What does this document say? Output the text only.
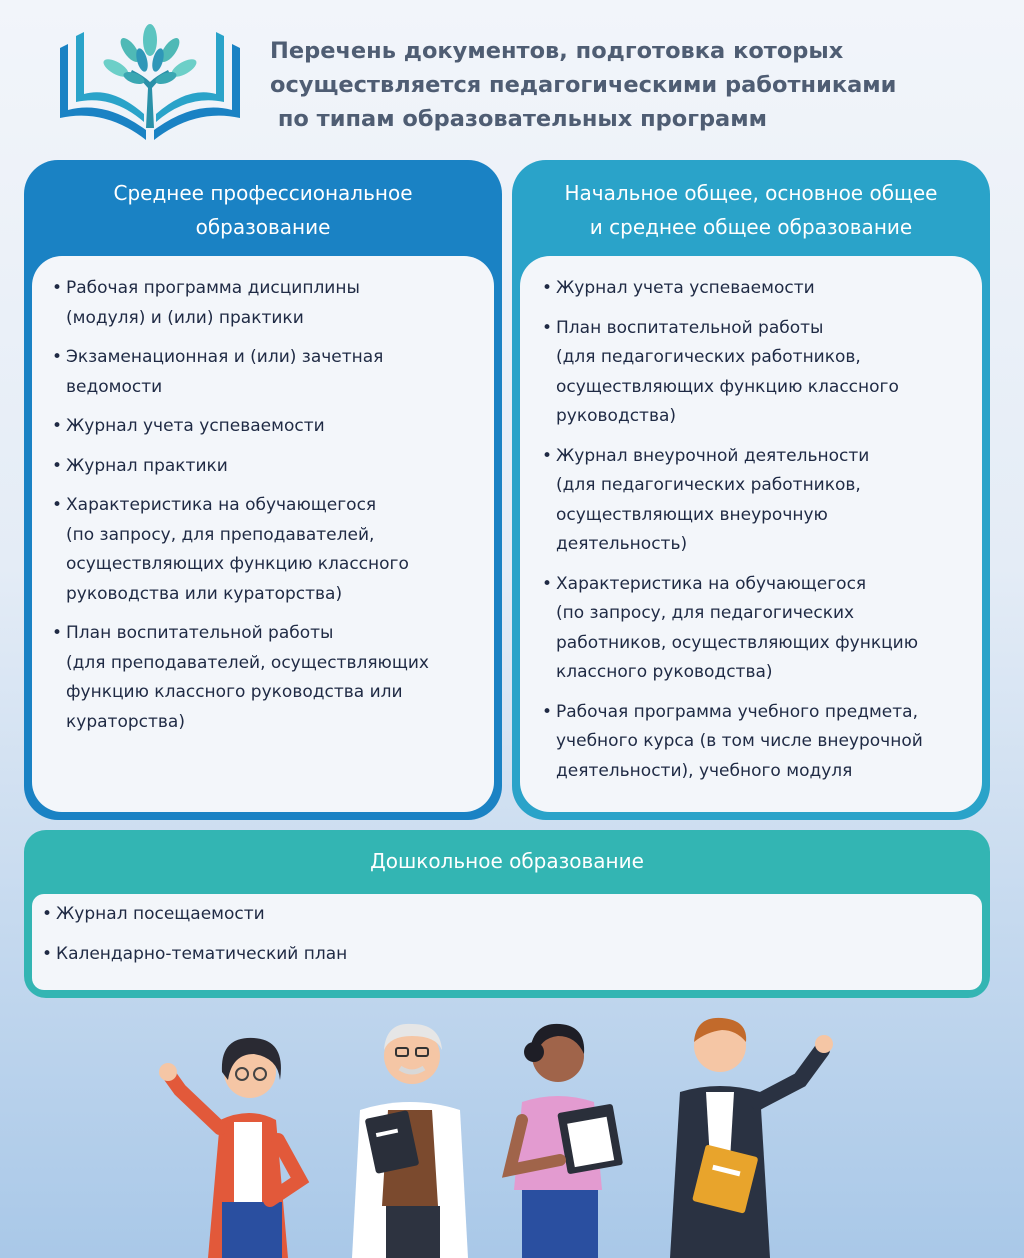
Перечень документов, подготовка которых
осуществляется педагогическими работниками
по типам образовательных программ
Среднее профессиональное
образование
• Рабочая программа дисциплины
(модуля) и (или) практики
• Экзаменационная и (или) зачетная
ведомости
• Журнал учета успеваемости
• Журнал практики
• Характеристика на обучающегося
(по запросу, для преподавателей,
осуществляющих функцию классного
руководства или кураторства)
• План воспитательной работы
(для преподавателей, осуществляющих
функцию классного руководства или
кураторства)
Начальное общее, основное общее
и среднее общее образование
• Журнал учета успеваемости
• План воспитательной работы
(для педагогических работников,
осуществляющих функцию классного
руководства)
• Журнал внеурочной деятельности
(для педагогических работников,
осуществляющих внеурочную
деятельность)
• Характеристика на обучающегося
(по запросу, для педагогических
работников, осуществляющих функцию
классного руководства)
• Рабочая программа учебного предмета,
учебного курса (в том числе внеурочной
деятельности), учебного модуля
Дошкольное образование
• Журнал посещаемости
• Календарно-тематический план
